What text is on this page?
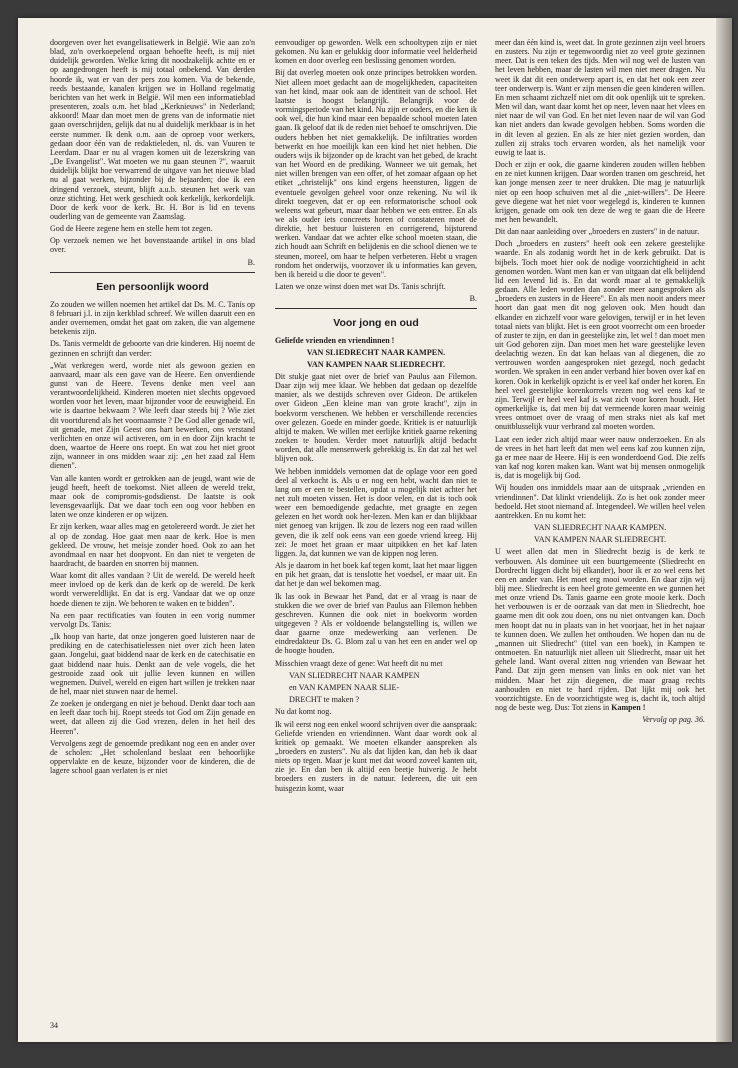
doorgeven over het evangelisatiewerk in België. Wie aan zo'n blad, zo'n overkoepelend orgaan behoefte heeft, is mij niet duidelijk geworden. Welke kring dit noodzakelijk achtte en er op aangedrongen heeft is mij totaal onbekend. Van derden hoorde ik, wat er van der pers zou komen. Via de bekende, reeds bestaande, kanalen krijgen we in Holland regelmatig berichten van het werk in België. Wil men een informatieblad presenteren, zoals o.m. het blad „Kerknieuws" in Nederland; akkoord! Maar dan moet men de grens van de informatie niet gaan overschrijden, gelijk dat nu al duidelijk merkbaar is in het eerste nummer. Ik denk o.m. aan de oproep voor werkers, gedaan door één van de redaktieleden, nl. ds. van Vuuren te Leerdam. Daar er nu al vragen komen uit de lezerskring van „De Evangelist". Wat moeten we nu gaan steunen ?", waaruit duidelijk blijkt hoe verwarrend de uitgave van het nieuwe blad nu al gaat werken, bijzonder bij de bejaarden; doe ik een dringend verzoek, steunt, blijft a.u.b. steunen het werk van onze stichting. Het werk geschiedt ook kerkelijk, kerkordelijk. Door de kerk voor de kerk. Br. H. Bor is lid en tevens ouderling van de gemeente van Zaamslag.

God de Heere zegene hem en stelle hem tot zegen.

Op verzoek nemen we het bovenstaande artikel in ons blad over.

B.
Een persoonlijk woord

Zo zouden we willen noemen het artikel dat Ds. M. C. Tanis op 8 februari j.l. in zijn kerkblad schreef. We willen daaruit een en ander overnemen, omdat het gaat om zaken, die van algemene betekenis zijn.

Ds. Tanis vermeldt de geboorte van drie kinderen. Hij noemt de gezinnen en schrijft dan verder:

„Wat verkregen werd, worde niet als gewoon gezien en aanvaard, maar als een gave van de Heere. Een onverdiende gunst van de Heere. Tevens denke men veel aan verantwoordelijkheid. Kinderen moeten niet slechts opgevoed worden voor het leven, maar bijzonder voor de eeuwigheid. En wie is daartoe bekwaam ? Wie leeft daar steeds bij ? Wie ziet dit voortdurend als het voornaamste ? De God aller genade wil, uit genade, met Zijn Geest ons hart bewerken, ons verstand verlichten en onze wil activeren, om in en door Zijn kracht te doen, waartoe de Heere ons roept. En wat zou het niet groot zijn, wanneer in ons midden waar zij: „en het zaad zal Hem dienen".

Van alle kanten wordt er getrokken aan de jeugd, want wie de jeugd heeft, heeft de toekomst. Niet alleen de wereld trekt, maar ook de compromis-godsdienst. De laatste is ook levensgevaarlijk. Dat we daar toch een oog voor hebben en laten we onze kinderen er op wijzen.

Er zijn kerken, waar alles mag en getolereerd wordt. Je ziet het al op de zondag. Hoe gaat men naar de kerk. Hoe is men gekleed. De vrouw, het meisje zonder hoed. Ook zo aan het avondmaal en naar het doopvont. En dan niet te vergeten de haardracht, de baarden en snorren bij mannen.

Waar komt dit alles vandaan ? Uit de wereld. De wereld heeft meer invloed op de kerk dan de kerk op de wereld. De kerk wordt verwereldlijkt. En dat is erg. Vandaar dat we op onze hoede dienen te zijn. We behoren te waken en te bidden".

Na een paar rectificaties van fouten in een vorig nummer vervolgt Ds. Tanis:

„Ik hoop van harte, dat onze jongeren goed luisteren naar de prediking en de catechisatielessen niet over zich heen laten gaan. Jongelui, gaat biddend naar de kerk en de catechisatie en gaat biddend naar huis. Denkt aan de vele vogels, die het gestrooide zaad ook uit jullie leven kunnen en willen wegnemen. Duivel, wereld en eigen hart willen je trekken naar de hel, maar niet stuwen naar de hemel.

Ze zoeken je ondergang en niet je behoud. Denkt daar toch aan en leeft daar toch bij. Roept steeds tot God om Zijn genade en weet, dat alleen zij die God vrezen, delen in het heil des Heeren".

Vervolgens zegt de genoemde predikant nog een en ander over de scholen: „Het scholenland beslaat een behoorlijke oppervlakte en de keuze, bijzonder voor de kinderen, die de lagere school gaan verlaten is er niet

eenvoudiger op geworden. Welk een schooltypen zijn er niet gekomen. Nu kan er gelukkig door informatie veel helderheid komen en door overleg een beslissing genomen worden.

Bij dat overleg moeten ook onze principes betrokken worden. Niet alleen moet gedacht aan de mogelijkheden, capaciteiten van het kind, maar ook aan de identiteit van de school. Het laatste is hoogst belangrijk. Belangrijk voor de vormingsperiode van het kind. Nu zijn er ouders, en die ken ik ook wel, die hun kind maar een bepaalde school moeten laten gaan. Ik geloof dat ik de reden niet behoef te omschrijven. Die ouders hebben het niet gemakkelijk. De infiltraties worden betwerkt en hoe moeilijk kan een kind het niet hebben. Die ouders wijs ik bijzonder op de kracht van het gebed, de kracht van het Woord en de prediking. Wanneer we uit gemak, het niet willen brengen van een offer, of het zomaar afgaan op het etiket „christelijk" ons kind ergens heensturen, liggen de eventuele gevolgen geheel voor onze rekening. Nu wil ik direkt toegeven, dat er op een reformatorische school ook weleens wat gebeurt, maar daar hebben we een entree. En als we als ouder iets concreets horen of constateren moet de direktie, het bestuur luisteren en corrigerend, bijsturend werken. Vandaar dat we achter elke school moeten staan, die zich houdt aan Schrift en belijdenis en die school dienen we te steunen, moreel, om haar te helpen verbeteren. Hebt u vragen rondom het onderwijs, voorzover ik u informaties kan geven, ben ik bereid u die door te geven".

Laten we onze winst doen met wat Ds. Tanis schrijft.

B.
Voor jong en oud
Geliefde vrienden en vriendinnen !
VAN SLIEDRECHT NAAR KAMPEN.
VAN KAMPEN NAAR SLIEDRECHT.

Dit stukje gaat niet over de brief van Paulus aan Filemon. Daar zijn wij mee klaar. We hebben dat gedaan op dezelfde manier, als we destijds schreven over Gideon. De artikelen over Gideon „Een kleine man van grote kracht", zijn in boekvorm verschenen. We hebben er verschillende recencies over gelezen. Goede en minder goede. Kritiek is er natuurlijk altijd te maken. We willen met eerlijke kritiek gaarne rekening zoeken te houden. Verder moet natuurlijk altijd bedacht worden, dat alle mensenwerk gebrekkig is. En dat zal het wel blijven ook.

We hebben inmiddels vernomen dat de oplage voor een goed deel al verkocht is. Als u er nog een hebt, wacht dan niet te lang om er een te bestellen, opdat u mogelijk niet achter het net zult moeten vissen. Het is door velen, en dat is toch ook weer een bemoedigende gedachte, met graagte en zegen gelezen en het wordt ook her-lezen. Men kan er dan blijkbaar niet genoeg van krijgen. Ik zou de lezers nog een raad willen geven, die ik zelf ook eens van een goede vriend kreeg. Hij zei: Je moet het graan er maar uitpikken en het kaf laten liggen. Ja, dat kunnen we van de kippen nog leren.

Als je daarom in het boek kaf tegen komt, laat het maar liggen en pik het graan, dat is tenslotte het voedsel, er maar uit. En dat het je dan wel bekomen mag.

Ik las ook in Bewaar het Pand, dat er al vraag is naar de stukken die we over de brief van Paulus aan Filemon hebben geschreven. Kunnen die ook niet in boekvorm worden uitgegeven ? Als er voldoende belangstelling is, willen we daar gaarne onze medewerking aan verlenen. De eindredakteur Ds. G. Blom zal u van het een en ander wel op de hoogte houden.

Misschien vraagt deze of gene: Wat heeft dit nu met

VAN SLIEDRECHT NAAR KAMPEN
en VAN KAMPEN NAAR SLIE-
DRECHT te maken ?

Nu dat komt nog.

Ik wil eerst nog een enkel woord schrijven over die aanspraak: Geliefde vrienden en vriendinnen. Want daar wordt ook al kritiek op gemaakt. We moeten elkander aanspreken als „broeders en zusters". Nu als dat lijden kan, dan heb ik daar niets op tegen. Maar je kunt met dat woord zoveel kanten uit, zie je. En dan ben ik altijd een beetje huiverig. Je hebt broeders en zusters in de natuur. Iedereen, die uit een huisgezin komt, waar

meer dan één kind is, weet dat. In grote gezinnen zijn veel broers en zusters. Nu zijn er tegenwoordig niet zo veel grote gezinnen meer. Dat is een teken des tijds. Men wil nog wel de lusten van het leven hebben, maar de lasten wil men niet meer dragen. Nu weet ik dat dit een onderwerp apart is, en dat het ook een zeer teer onderwerp is. Want er zijn mensen die geen kinderen willen. En men schaamt zichzelf niet om dit ook openlijk uit te spreken. Men wil dan, want daar komt het op neer, leven naar het vlees en niet naar de wil van God. En het niet leven naar de wil van God kan niet anders dan kwade gevolgen hebben. Soms worden die in dit leven al gezien. En als ze hier niet gezien worden, dan zullen zij straks toch ervaren worden, als het namelijk voor euwig te laat is.

Doch er zijn er ook, die gaarne kinderen zouden willen hebben en ze niet kunnen krijgen. Daar worden tranen om geschreid, het kan jonge mensen zeer te neer drukken. Die mag je natuurlijk niet op een hoop schuiven met al die „niet-willers". De Heere geve diegene wat het niet voor wegelegd is, kinderen te kunnen krijgen, genade om ook ten deze de weg te gaan die de Heere met hen bewandelt.

Dit dan naar aanleiding over „broeders en zusters" in de natuur.

Doch „broeders en zusters" heeft ook een zekere geestelijke waarde. En als zodanig wordt het in de kerk gebruikt. Dat is bijbels. Toch moet hier ook de nodige voorzichtigheid in acht genomen worden. Want men kan er van uitgaan dat elk belijdend lid een levend lid is. En dat wordt maar al te gemakkelijk gedaan. Alle leden worden dan zonder meer aangesproken als „broeders en zusters in de Heere". En als men nooit anders meer hoort dan gaat men dit nog geloven ook. Men houdt dan elkander en zichzelf voor ware gelovigen, terwijl er in het leven totaal niets van blijkt. Het is een groot voorrecht om een broeder of zuster te zijn, en dan in geestelijke zin, let wel ! dan moet men uit God geboren zijn. Dan moet men het ware geestelijke leven deelachtig wezen. En dat kan helaas van al diegenen, die zo vertrouwen worden aangesproken niet gezegd, noch gedacht worden. We spraken in een ander verband hier boven over kaf en koren. Ook in kerkelijk opzicht is er veel kaf onder het koren. En heel veel geestelijke korenkorrels vrezen nog wel eens kaf te zijn. Terwijl er heel veel kaf is wat zich voor koren houdt. Het opmerkelijke is, dat men bij dat vermeende koren maar weinig vrees ontmoet over de vraag of men straks niet als kaf met onuitblusselijk vuur verbrand zal moeten worden.

Laat een ieder zich altijd maar weer nauw onderzoeken. En als de vrees in het hart leeft dat men wel eens kaf zou kunnen zijn, ga er mee naar de Heere. Hij is een wonderdoend God. Die zelfs van kaf nog koren maken kan. Want wat bij mensen onmogelijk is, dat is mogelijk bij God.

Wij houden ons inmiddels maar aan de uitspraak „vrienden en vriendinnen". Dat klinkt vriendelijk. Zo is het ook zonder meer bedoeld. Het stoot niemand af. Integendeel. We willen heel velen aantrekken. En nu komt het:

VAN SLIEDRECHT NAAR KAMPEN.
VAN KAMPEN NAAR SLIEDRECHT.

U weet allen dat men in Sliedrecht bezig is de kerk te verbouwen. Als dominee uit een buurtgemeente (Sliedrecht en Dordrecht liggen dicht bij elkander), hoor ik er zo wel eens het een en ander van. Het moet erg mooi worden. En daar zijn wij blij mee. Sliedrecht is een heel grote gemeente en we gunnen het met onze vriend Ds. Tanis gaarne een grote mooie kerk. Doch het verbouwen is er de oorzaak van dat men in Sliedrecht, hoe gaarne men dit ook zou doen, ons nu niet ontvangen kan. Doch men hoopt dat nu in plaats van in het voorjaar, het in het najaar te kunnen doen. We zullen het onthouden. We hopen dan nu de „mannen uit Sliedrecht" (titel van een boek), in Kampen te ontmoeten. En natuurlijk niet alleen uit Sliedrecht, maar uit het gehele land. Want overal zitten nog vrienden van Bewaar het Pand. Dat zijn geen mensen van links en ook niet van het midden. Maar het zijn diegenen, die maar graag rechts aanhouden en niet te hard rijden. Dat lijkt mij ook het voorzichtigste. En de voorzichtigste weg is, dacht ik, toch altijd nog de beste weg. Dus: Tot ziens in Kampen !

Vervolg op pag. 36.
34
